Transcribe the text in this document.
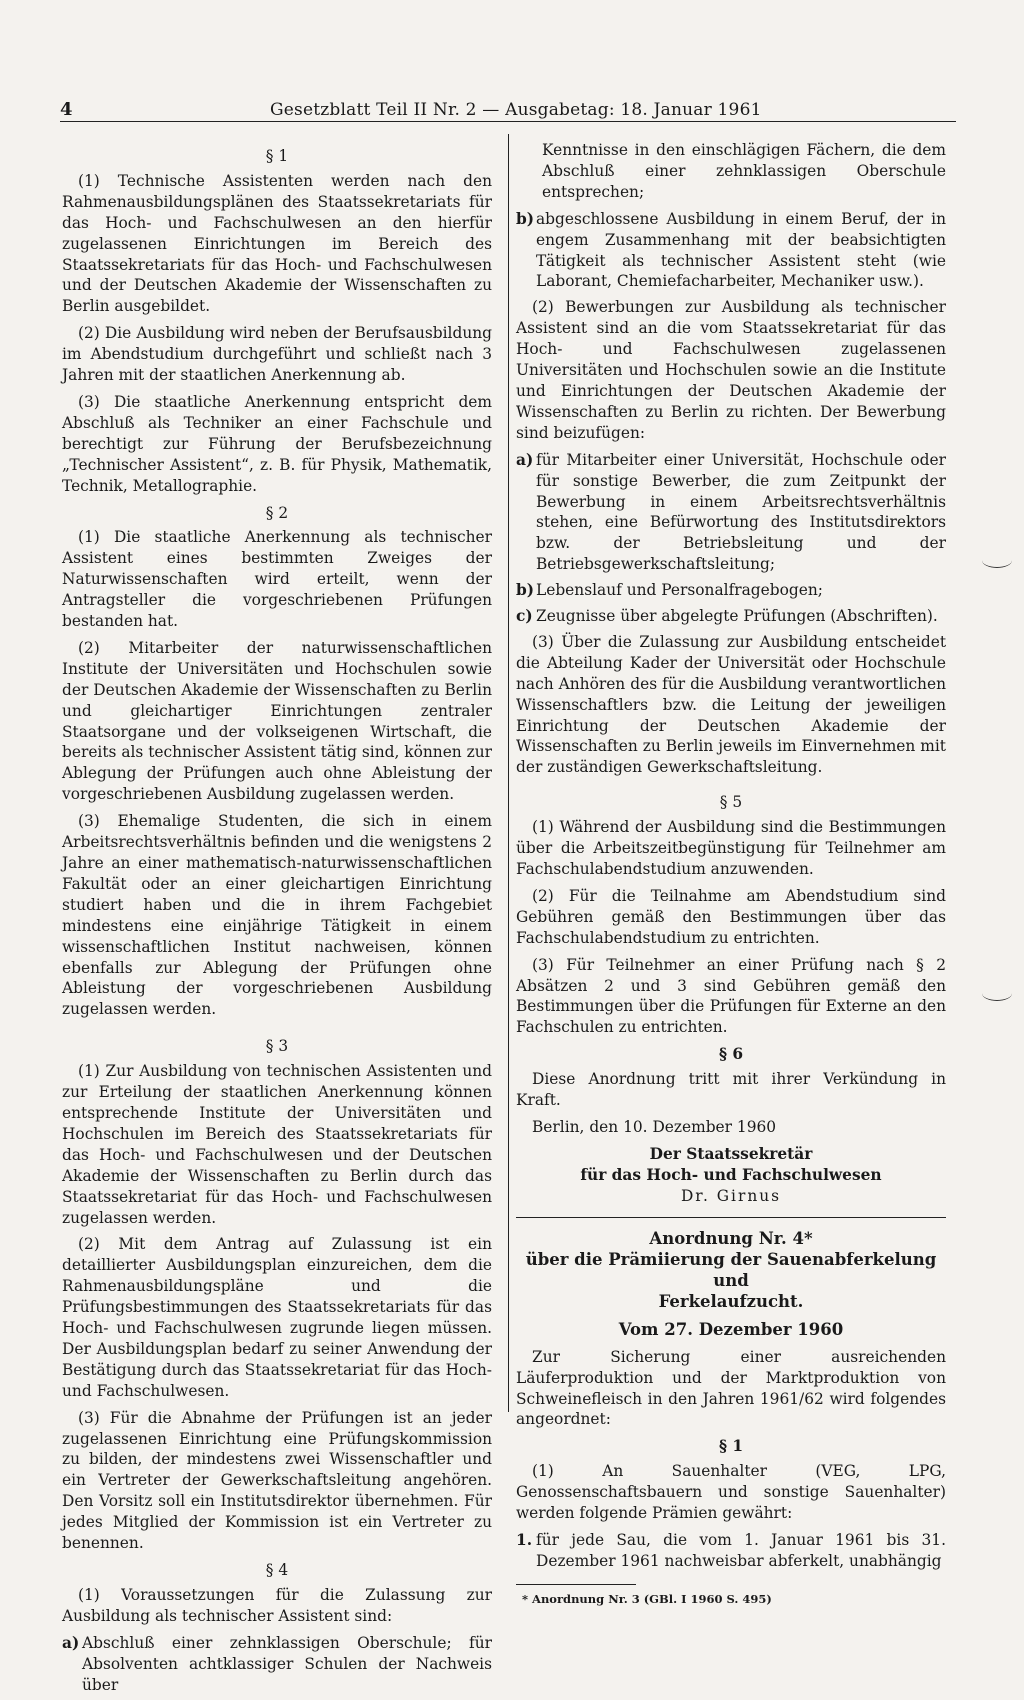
4	Gesetzblatt Teil II Nr. 2 — Ausgabetag: 18. Januar 1961
§ 1

(1) Technische Assistenten werden nach den Rahmenausbildungsplänen des Staatssekretariats für das Hoch- und Fachschulwesen an den hierfür zugelassenen Einrichtungen im Bereich des Staatssekretariats für das Hoch- und Fachschulwesen und der Deutschen Akademie der Wissenschaften zu Berlin ausgebildet.

(2) Die Ausbildung wird neben der Berufsausbildung im Abendstudium durchgeführt und schließt nach 3 Jahren mit der staatlichen Anerkennung ab.

(3) Die staatliche Anerkennung entspricht dem Abschluß als Techniker an einer Fachschule und berechtigt zur Führung der Berufsbezeichnung „Technischer Assistent“, z. B. für Physik, Mathematik, Technik, Metallographie.

§ 2

(1) Die staatliche Anerkennung als technischer Assistent eines bestimmten Zweiges der Naturwissenschaften wird erteilt, wenn der Antragsteller die vorgeschriebenen Prüfungen bestanden hat.

(2) Mitarbeiter der naturwissenschaftlichen Institute der Universitäten und Hochschulen sowie der Deutschen Akademie der Wissenschaften zu Berlin und gleichartiger Einrichtungen zentraler Staatsorgane und der volkseigenen Wirtschaft, die bereits als technischer Assistent tätig sind, können zur Ablegung der Prüfungen auch ohne Ableistung der vorgeschriebenen Ausbildung zugelassen werden.

(3) Ehemalige Studenten, die sich in einem Arbeitsrechtsverhältnis befinden und die wenigstens 2 Jahre an einer mathematisch-naturwissenschaftlichen Fakultät oder an einer gleichartigen Einrichtung studiert haben und die in ihrem Fachgebiet mindestens eine einjährige Tätigkeit in einem wissenschaftlichen Institut nachweisen, können ebenfalls zur Ablegung der Prüfungen ohne Ableistung der vorgeschriebenen Ausbildung zugelassen werden.

§ 3

(1) Zur Ausbildung von technischen Assistenten und zur Erteilung der staatlichen Anerkennung können entsprechende Institute der Universitäten und Hochschulen im Bereich des Staatssekretariats für das Hoch- und Fachschulwesen und der Deutschen Akademie der Wissenschaften zu Berlin durch das Staatssekretariat für das Hoch- und Fachschulwesen zugelassen werden.

(2) Mit dem Antrag auf Zulassung ist ein detaillierter Ausbildungsplan einzureichen, dem die Rahmenausbildungspläne und die Prüfungsbestimmungen des Staatssekretariats für das Hoch- und Fachschulwesen zugrunde liegen müssen. Der Ausbildungsplan bedarf zu seiner Anwendung der Bestätigung durch das Staatssekretariat für das Hoch- und Fachschulwesen.

(3) Für die Abnahme der Prüfungen ist an jeder zugelassenen Einrichtung eine Prüfungskommission zu bilden, der mindestens zwei Wissenschaftler und ein Vertreter der Gewerkschaftsleitung angehören. Den Vorsitz soll ein Institutsdirektor übernehmen. Für jedes Mitglied der Kommission ist ein Vertreter zu benennen.

§ 4

(1) Voraussetzungen für die Zulassung zur Ausbildung als technischer Assistent sind:

a) Abschluß einer zehnklassigen Oberschule; für Absolventen achtklassiger Schulen der Nachweis über

Kenntnisse in den einschlägigen Fächern, die dem Abschluß einer zehnklassigen Oberschule entsprechen;

b) abgeschlossene Ausbildung in einem Beruf, der in engem Zusammenhang mit der beabsichtigten Tätigkeit als technischer Assistent steht (wie Laborant, Chemiefacharbeiter, Mechaniker usw.).

(2) Bewerbungen zur Ausbildung als technischer Assistent sind an die vom Staatssekretariat für das Hoch- und Fachschulwesen zugelassenen Universitäten und Hochschulen sowie an die Institute und Einrichtungen der Deutschen Akademie der Wissenschaften zu Berlin zu richten. Der Bewerbung sind beizufügen:

a) für Mitarbeiter einer Universität, Hochschule oder für sonstige Bewerber, die zum Zeitpunkt der Bewerbung in einem Arbeitsrechtsverhältnis stehen, eine Befürwortung des Institutsdirektors bzw. der Betriebsleitung und der Betriebsgewerkschaftsleitung;
b) Lebenslauf und Personalfragebogen;
c) Zeugnisse über abgelegte Prüfungen (Abschriften).

(3) Über die Zulassung zur Ausbildung entscheidet die Abteilung Kader der Universität oder Hochschule nach Anhören des für die Ausbildung verantwortlichen Wissenschaftlers bzw. die Leitung der jeweiligen Einrichtung der Deutschen Akademie der Wissenschaften zu Berlin jeweils im Einvernehmen mit der zuständigen Gewerkschaftsleitung.

§ 5

(1) Während der Ausbildung sind die Bestimmungen über die Arbeitszeitbegünstigung für Teilnehmer am Fachschulabendstudium anzuwenden.

(2) Für die Teilnahme am Abendstudium sind Gebühren gemäß den Bestimmungen über das Fachschulabendstudium zu entrichten.

(3) Für Teilnehmer an einer Prüfung nach § 2 Absätzen 2 und 3 sind Gebühren gemäß den Bestimmungen über die Prüfungen für Externe an den Fachschulen zu entrichten.

§ 6

Diese Anordnung tritt mit ihrer Verkündung in Kraft.

Berlin, den 10. Dezember 1960

Der Staatssekretär
für das Hoch- und Fachschulwesen
Dr. Girnus
Anordnung Nr. 4*
über die Prämiierung der Sauenabferkelung und
Ferkelaufzucht.
Vom 27. Dezember 1960

Zur Sicherung einer ausreichenden Läuferproduktion und der Marktproduktion von Schweinefleisch in den Jahren 1961/62 wird folgendes angeordnet:

§ 1

(1) An Sauenhalter (VEG, LPG, Genossenschaftsbauern und sonstige Sauenhalter) werden folgende Prämien gewährt:

1. für jede Sau, die vom 1. Januar 1961 bis 31. Dezember 1961 nachweisbar abferkelt, unabhängig

* Anordnung Nr. 3 (GBl. I 1960 S. 495)
